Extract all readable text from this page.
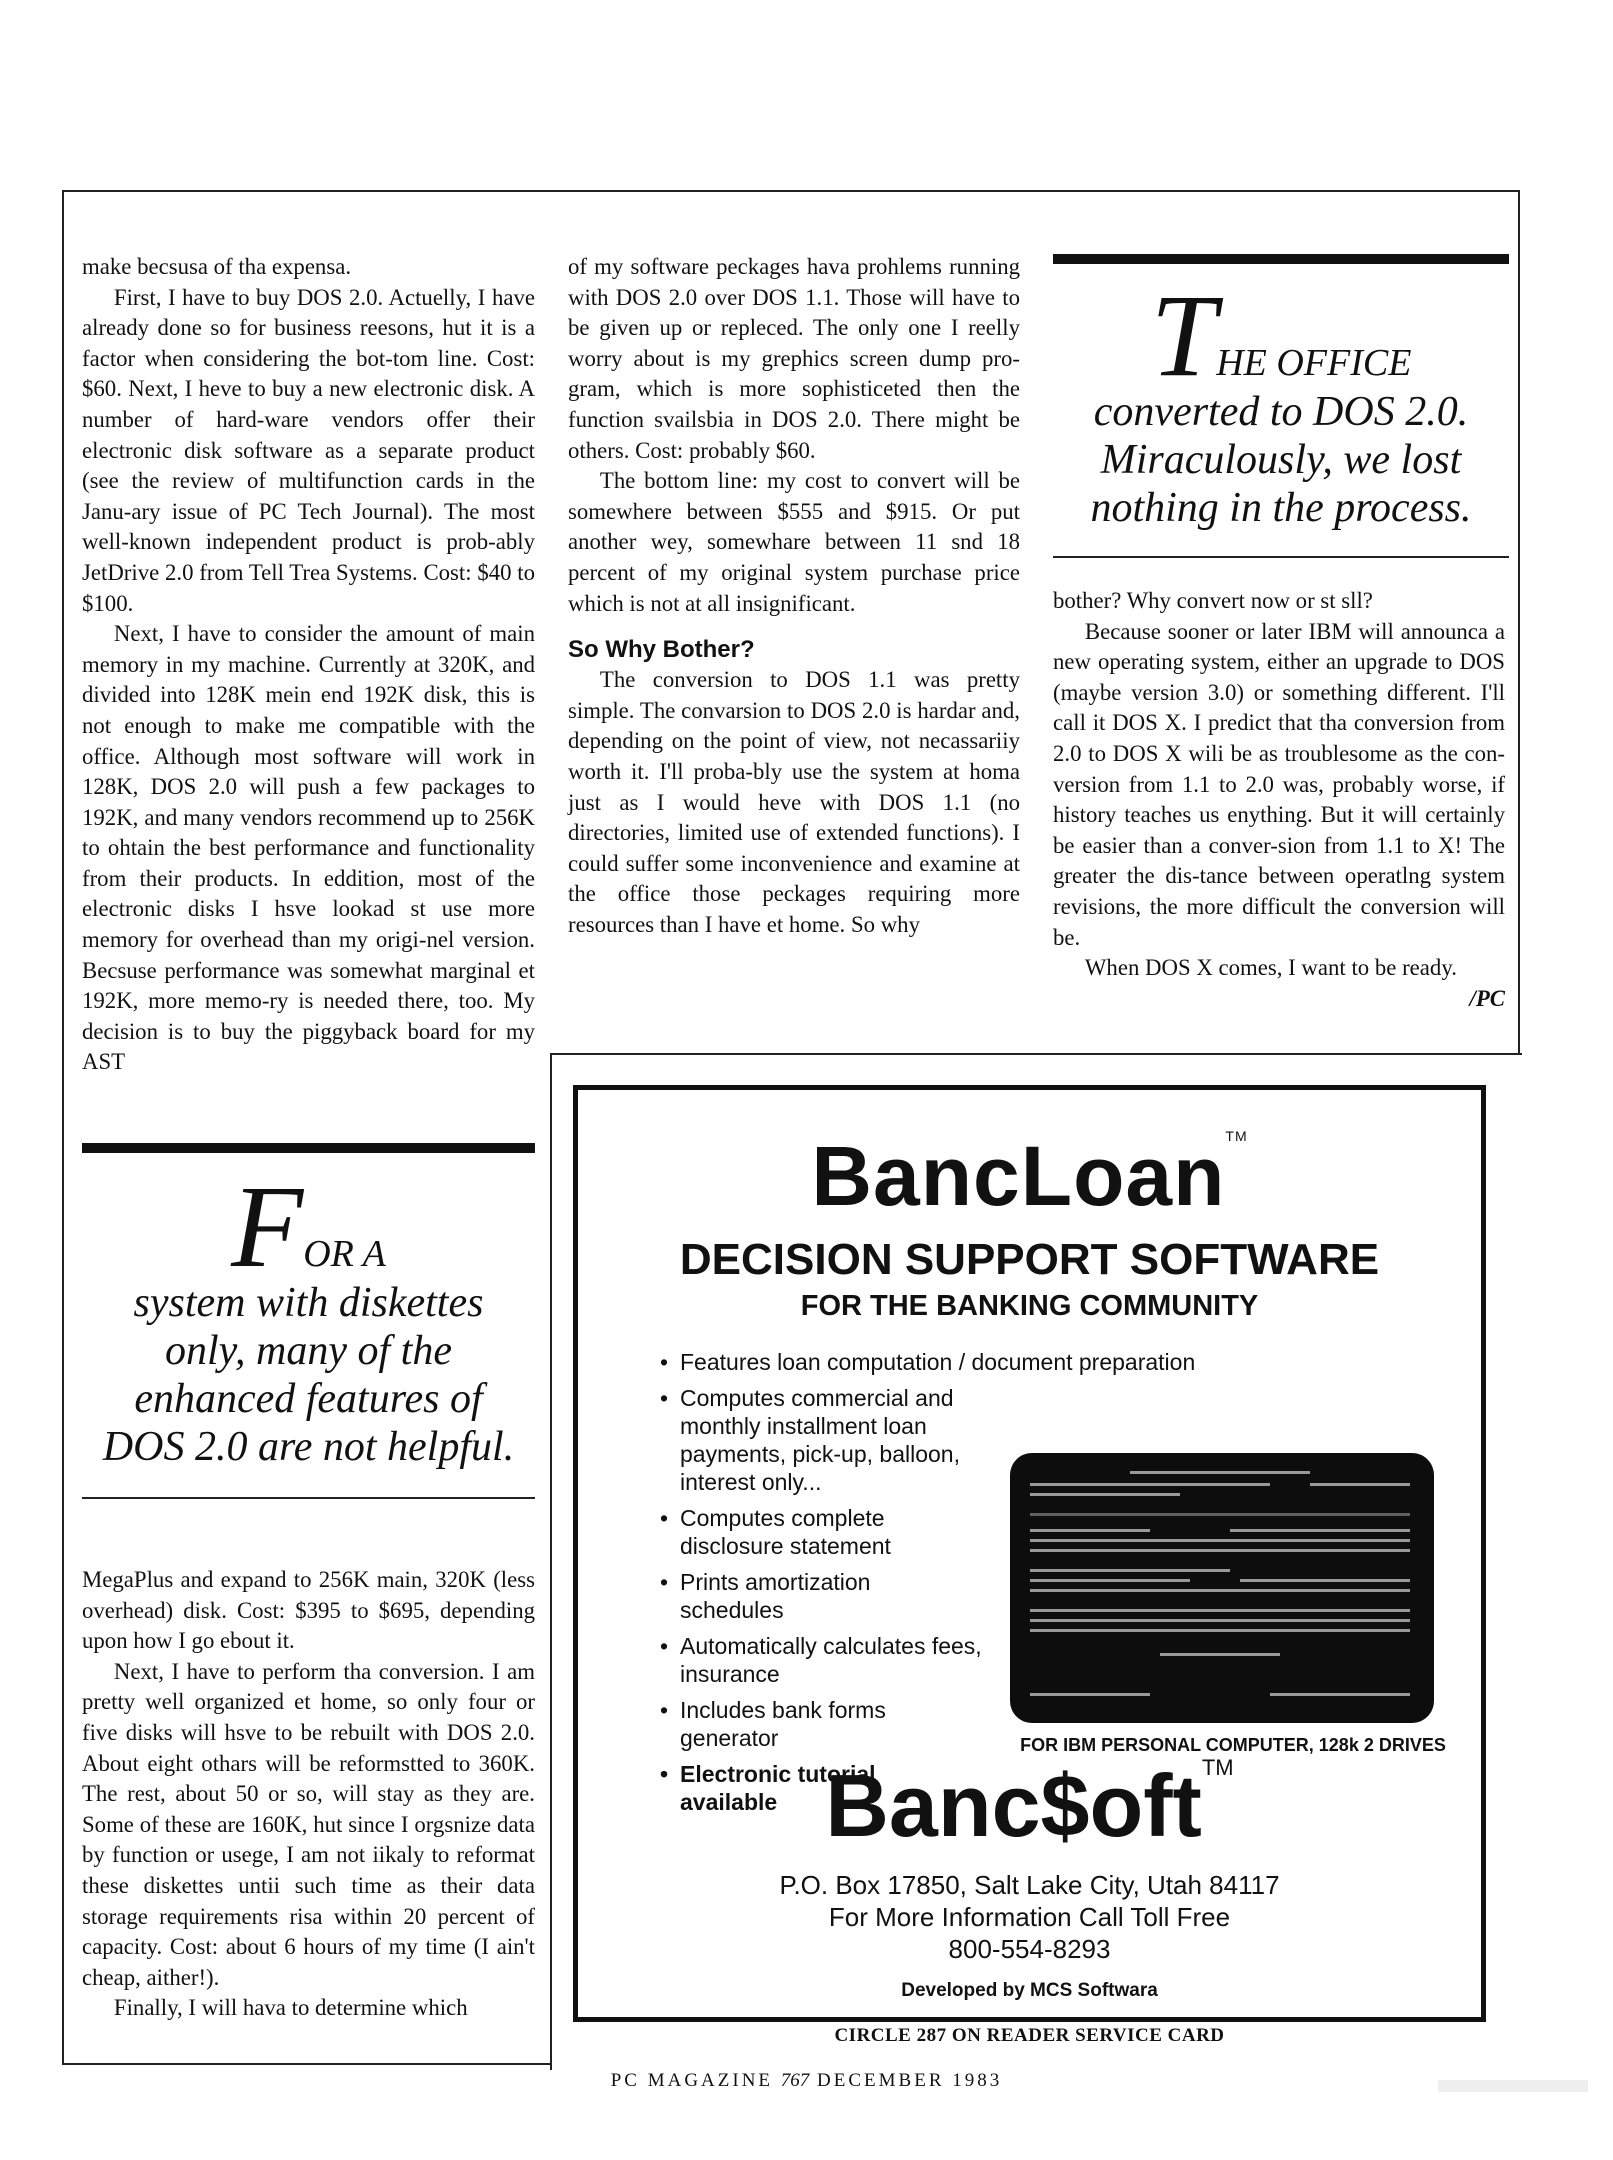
make becsusa of tha expensa.

First, I have to buy DOS 2.0. Actuelly, I have already done so for business reesons, hut it is a factor when considering the bot-tom line. Cost: $60. Next, I heve to buy a new electronic disk. A number of hard-ware vendors offer their electronic disk software as a separate product (see the review of multifunction cards in the Janu-ary issue of PC Tech Journal). The most well-known independent product is prob-ably JetDrive 2.0 from Tell Trea Systems. Cost: $40 to $100.

Next, I have to consider the amount of main memory in my machine. Currently at 320K, and divided into 128K mein end 192K disk, this is not enough to make me compatible with the office. Although most software will work in 128K, DOS 2.0 will push a few packages to 192K, and many vendors recommend up to 256K to ohtain the best performance and functionality from their products. In eddition, most of the electronic disks I hsve lookad st use more memory for overhead than my origi-nel version. Becsuse performance was somewhat marginal et 192K, more memo-ry is needed there, too. My decision is to buy the piggyback board for my AST

FOR A
system with diskettes only, many of the enhanced features of DOS 2.0 are not helpful.

MegaPlus and expand to 256K main, 320K (less overhead) disk. Cost: $395 to $695, depending upon how I go ebout it.

Next, I have to perform tha conversion. I am pretty well organized et home, so only four or five disks will hsve to be rebuilt with DOS 2.0. About eight othars will be reformstted to 360K. The rest, about 50 or so, will stay as they are. Some of these are 160K, hut since I orgsnize data by function or usege, I am not iikaly to reformat these diskettes untii such time as their data storage requirements risa within 20 percent of capacity. Cost: about 6 hours of my time (I ain't cheap, aither!).

Finally, I will hava to determine which

of my software peckages hava prohlems running with DOS 2.0 over DOS 1.1. Those will have to be given up or repleced. The only one I reelly worry about is my grephics screen dump pro-gram, which is more sophisticeted then the function svailsbia in DOS 2.0. There might be others. Cost: probably $60.

The bottom line: my cost to convert will be somewhere between $555 and $915. Or put another wey, somewhare between 11 snd 18 percent of my original system purchase price which is not at all insignificant.

So Why Bother?

The conversion to DOS 1.1 was pretty simple. The convarsion to DOS 2.0 is hardar and, depending on the point of view, not necassariiy worth it. I'll proba-bly use the system at homa just as I would heve with DOS 1.1 (no directories, limited use of extended functions). I could suffer some inconvenience and examine at the office those peckages requiring more resources than I have et home. So why

THE OFFICE
converted to DOS 2.0. Miraculously, we lost nothing in the process.

bother? Why convert now or st sll?

Because sooner or later IBM will announca a new operating system, either an upgrade to DOS (maybe version 3.0) or something different. I'll call it DOS X. I predict that tha conversion from 2.0 to DOS X wili be as troublesome as the con-version from 1.1 to 2.0 was, probably worse, if history teaches us enything. But it will certainly be easier than a conver-sion from 1.1 to X! The greater the dis-tance between operatlng system revisions, the more difficult the conversion will be.

When DOS X comes, I want to be ready.
/PC

BancLoan™
DECISION SUPPORT SOFTWARE
FOR THE BANKING COMMUNITY
• Features loan computation / document preparation
• Computes commercial and monthly installment loan payments, pick-up, balloon, interest only...
• Computes complete disclosure statement
• Prints amortization schedules
• Automatically calculates fees, insurance
• Includes bank forms generator
• Electronic tutorial available
FOR IBM PERSONAL COMPUTER, 128k 2 DRIVES
Banc$oft™
P.O. Box 17850, Salt Lake City, Utah 84117
For More Information Call Toll Free
800-554-8293
Developed by MCS Softwara
CIRCLE 287 ON READER SERVICE CARD
PC MAGAZINE 767 DECEMBER 1983
